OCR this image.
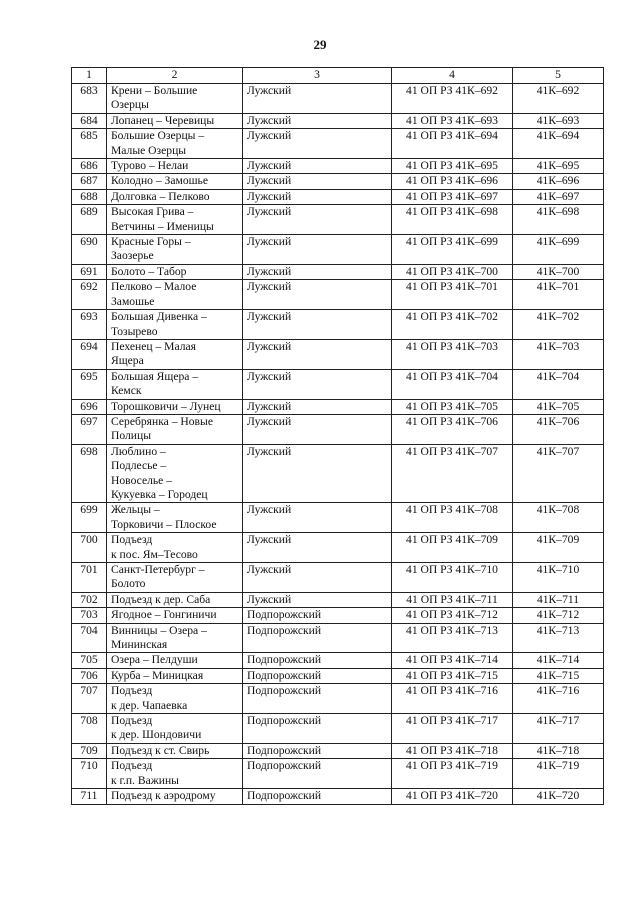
29
1	2	3	4	5
683	Крени – Большие
Озерцы	Лужский	41 ОП РЗ 41К–692	41К–692
684	Лопанец – Черевицы	Лужский	41 ОП РЗ 41К–693	41К–693
685	Большие Озерцы –
Малые Озерцы	Лужский	41 ОП РЗ 41К–694	41К–694
686	Турово – Нелаи	Лужский	41 ОП РЗ 41К–695	41К–695
687	Колодно – Замошье	Лужский	41 ОП РЗ 41К–696	41К–696
688	Долговка – Пелково	Лужский	41 ОП РЗ 41К–697	41К–697
689	Высокая Грива –
Ветчины – Именицы	Лужский	41 ОП РЗ 41К–698	41К–698
690	Красные Горы –
Заозерье	Лужский	41 ОП РЗ 41К–699	41К–699
691	Болото – Табор	Лужский	41 ОП РЗ 41К–700	41К–700
692	Пелково – Малое
Замошье	Лужский	41 ОП РЗ 41К–701	41К–701
693	Большая Дивенка –
Тозырево	Лужский	41 ОП РЗ 41К–702	41К–702
694	Пехенец – Малая
Ящера	Лужский	41 ОП РЗ 41К–703	41К–703
695	Большая Ящера –
Кемск	Лужский	41 ОП РЗ 41К–704	41К–704
696	Торошковичи – Лунец	Лужский	41 ОП РЗ 41К–705	41К–705
697	Серебрянка – Новые
Полицы	Лужский	41 ОП РЗ 41К–706	41К–706
698	Люблино –
Подлесье –
Новоселье –
Кукуевка – Городец	Лужский	41 ОП РЗ 41К–707	41К–707
699	Жельцы –
Торковичи – Плоское	Лужский	41 ОП РЗ 41К–708	41К–708
700	Подъезд
к пос. Ям–Тесово	Лужский	41 ОП РЗ 41К–709	41К–709
701	Санкт-Петербург –
Болото	Лужский	41 ОП РЗ 41К–710	41К–710
702	Подъезд к дер. Саба	Лужский	41 ОП РЗ 41К–711	41К–711
703	Ягодное – Гонгиничи	Подпорожский	41 ОП РЗ 41К–712	41К–712
704	Винницы – Озера –
Мининская	Подпорожский	41 ОП РЗ 41К–713	41К–713
705	Озера – Пелдуши	Подпорожский	41 ОП РЗ 41К–714	41К–714
706	Курба – Миницкая	Подпорожский	41 ОП РЗ 41К–715	41К–715
707	Подъезд
к дер. Чапаевка	Подпорожский	41 ОП РЗ 41К–716	41К–716
708	Подъезд
к дер. Шондовичи	Подпорожский	41 ОП РЗ 41К–717	41К–717
709	Подъезд к ст. Свирь	Подпорожский	41 ОП РЗ 41К–718	41К–718
710	Подъезд
к г.п. Важины	Подпорожский	41 ОП РЗ 41К–719	41К–719
711	Подъезд к аэродрому	Подпорожский	41 ОП РЗ 41К–720	41К–720
